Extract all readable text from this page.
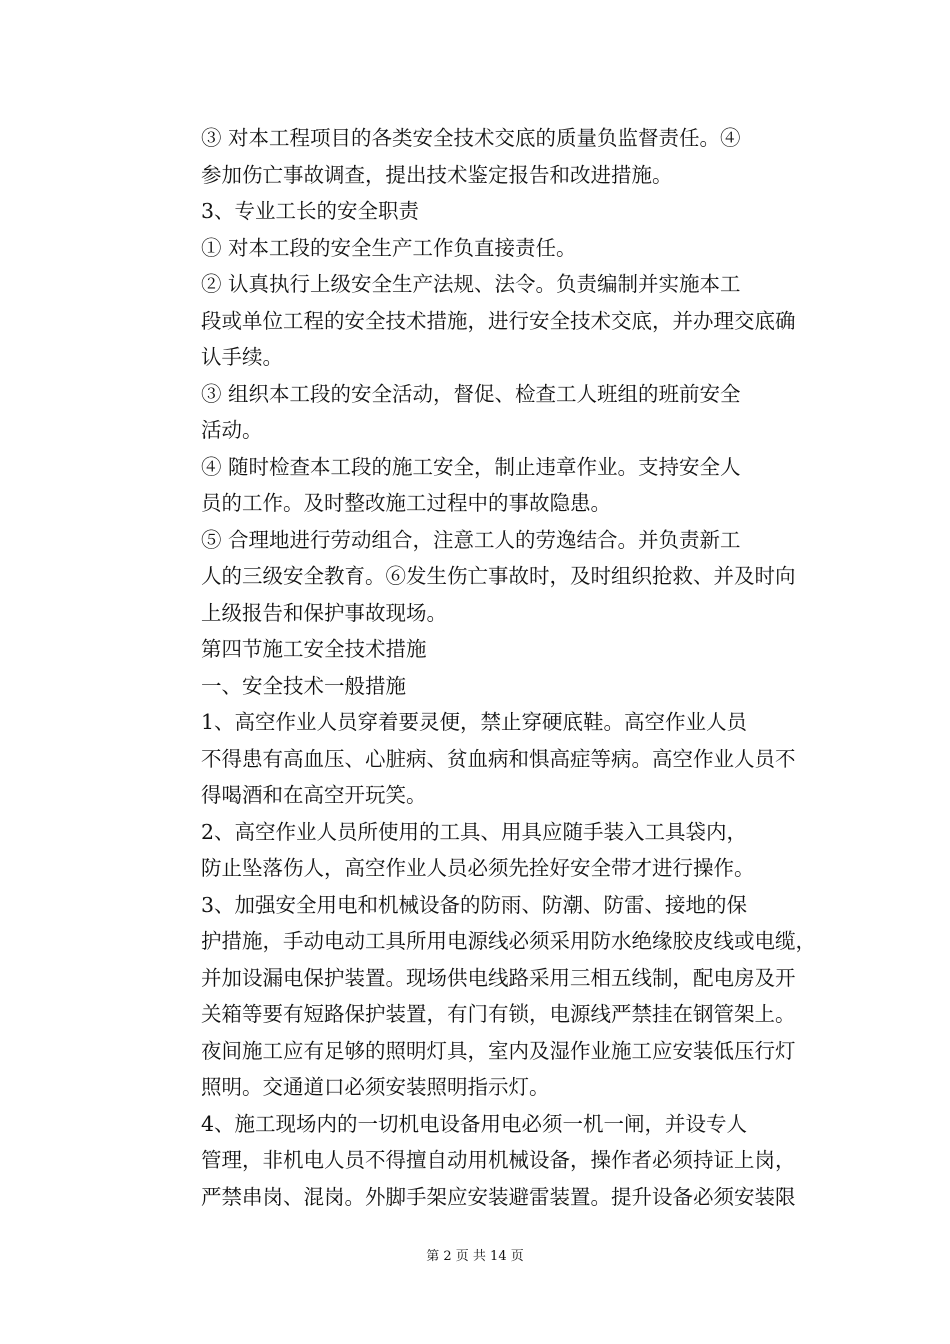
③ 对本工程项目的各类安全技术交底的质量负监督责任。④
参加伤亡事故调查，提出技术鉴定报告和改进措施。

3、专业工长的安全职责

① 对本工段的安全生产工作负直接责任。

② 认真执行上级安全生产法规、法令。负责编制并实施本工
段或单位工程的安全技术措施，进行安全技术交底，并办理交底确
认手续。

③ 组织本工段的安全活动，督促、检查工人班组的班前安全
活动。

④ 随时检查本工段的施工安全，制止违章作业。支持安全人
员的工作。及时整改施工过程中的事故隐患。

⑤ 合理地进行劳动组合，注意工人的劳逸结合。并负责新工
人的三级安全教育。⑥发生伤亡事故时，及时组织抢救、并及时向
上级报告和保护事故现场。

第四节施工安全技术措施

一、安全技术一般措施

1、高空作业人员穿着要灵便，禁止穿硬底鞋。高空作业人员
不得患有高血压、心脏病、贫血病和惧高症等病。高空作业人员不
得喝酒和在高空开玩笑。

2、高空作业人员所使用的工具、用具应随手装入工具袋内，
防止坠落伤人，高空作业人员必须先拴好安全带才进行操作。

3、加强安全用电和机械设备的防雨、防潮、防雷、接地的保
护措施，手动电动工具所用电源线必须采用防水绝缘胶皮线或电缆，
并加设漏电保护装置。现场供电线路采用三相五线制，配电房及开
关箱等要有短路保护装置，有门有锁，电源线严禁挂在钢管架上。
夜间施工应有足够的照明灯具，室内及湿作业施工应安装低压行灯
照明。交通道口必须安装照明指示灯。

4、施工现场内的一切机电设备用电必须一机一闸，并设专人
管理，非机电人员不得擅自动用机械设备，操作者必须持证上岗，
严禁串岗、混岗。外脚手架应安装避雷装置。提升设备必须安装限

第 2 页 共 14 页
